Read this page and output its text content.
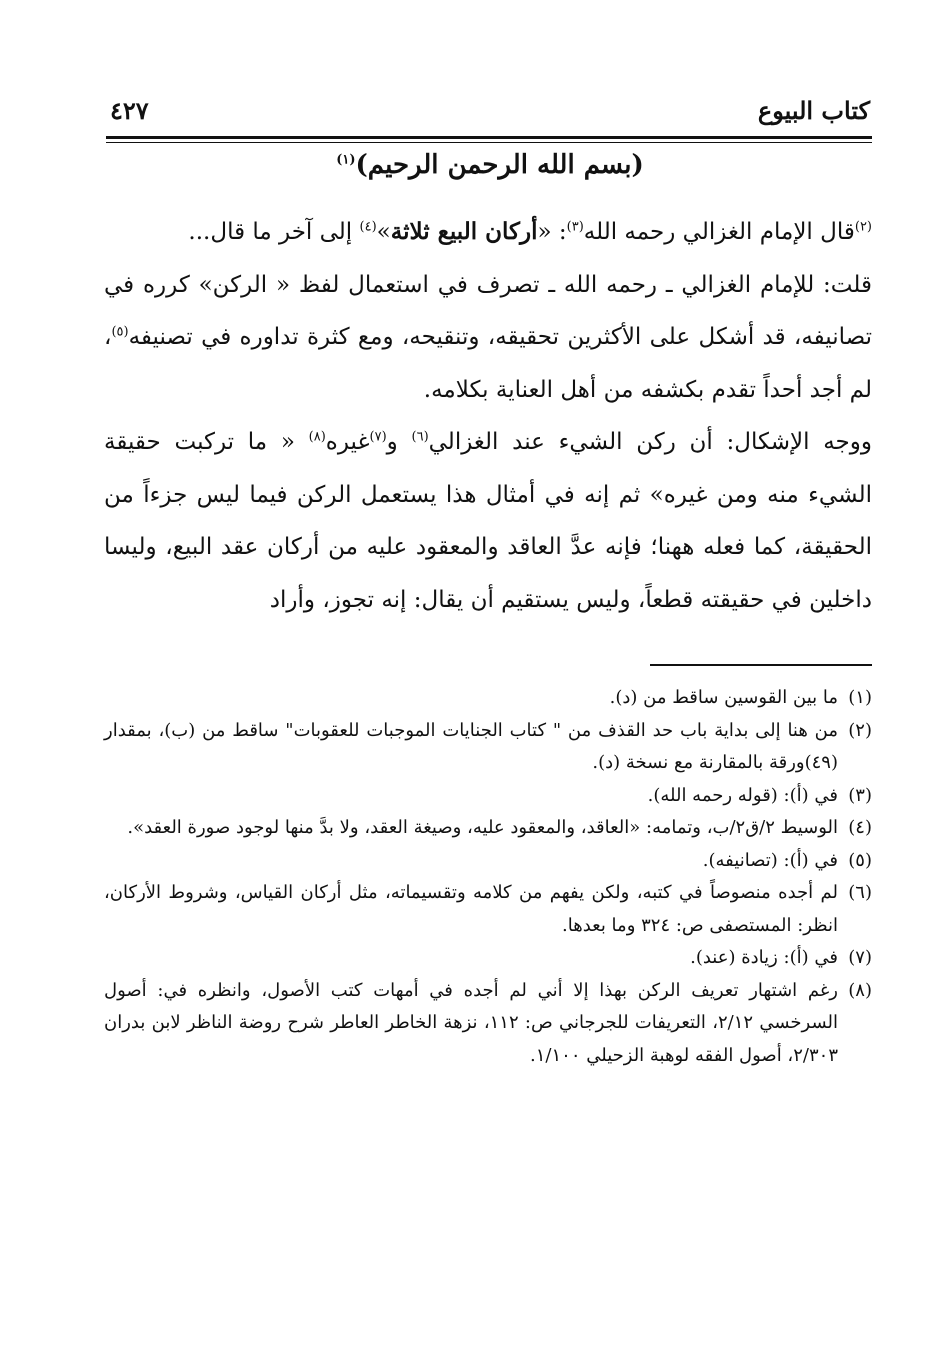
كتاب البيوع
٤٢٧
(بسم الله الرحمن الرحيم)$^{(١)}$

$^{(٢)}$قال الإمام الغزالي رحمه الله$^{(٣)}$: «أركان البيع ثلاثة»$^{(٤)}$ إلى آخر ما قال...

قلت: للإمام الغزالي ـ رحمه الله ـ تصرف في استعمال لفظ « الركن» كرره في تصانيفه، قد أشكل على الأكثرين تحقيقه، وتنقيحه، ومع كثرة تداوره في تصنيفه$^{(٥)}$، لم أجد أحداً تقدم بكشفه من أهل العناية بكلامه.

ووجه الإشكال: أن ركن الشيء عند الغزالي$^{(٦)}$ و$^{(٧)}$غيره$^{(٨)}$ « ما تركبت حقيقة الشيء منه ومن غيره» ثم إنه في أمثال هذا يستعمل الركن فيما ليس جزءاً من الحقيقة، كما فعله ههنا؛ فإنه عدَّ العاقد والمعقود عليه من أركان عقد البيع، وليسا داخلين في حقيقته قطعاً، وليس يستقيم أن يقال: إنه تجوز، وأراد

(١)
ما بين القوسين ساقط من (د).

(٢)
من هنا إلى بداية باب حد القذف من " كتاب الجنايات الموجبات للعقوبات" ساقط من (ب)، بمقدار (٤٩)ورقة بالمقارنة مع نسخة (د).

(٣)
في (أ): (قوله رحمه الله).

(٤)
الوسيط ٢/ق٢/ب، وتمامه: «العاقد، والمعقود عليه، وصيغة العقد، ولا بدَّ منها لوجود صورة العقد».

(٥)
في (أ): (تصانيفه).

(٦)
لم أجده منصوصاً في كتبه، ولكن يفهم من كلامه وتقسيماته، مثل أركان القياس، وشروط الأركان، انظر: المستصفى ص: ٣٢٤ وما بعدها.

(٧)
في (أ): زيادة (عند).

(٨)
رغم اشتهار تعريف الركن بهذا إلا أني لم أجده في أمهات كتب الأصول، وانظره في: أصول السرخسي ٢/١٢، التعريفات للجرجاني ص: ١١٢، نزهة الخاطر العاطر شرح روضة الناظر لابن بدران ٢/٣٠٣، أصول الفقه لوهبة الزحيلي ١/١٠٠.
